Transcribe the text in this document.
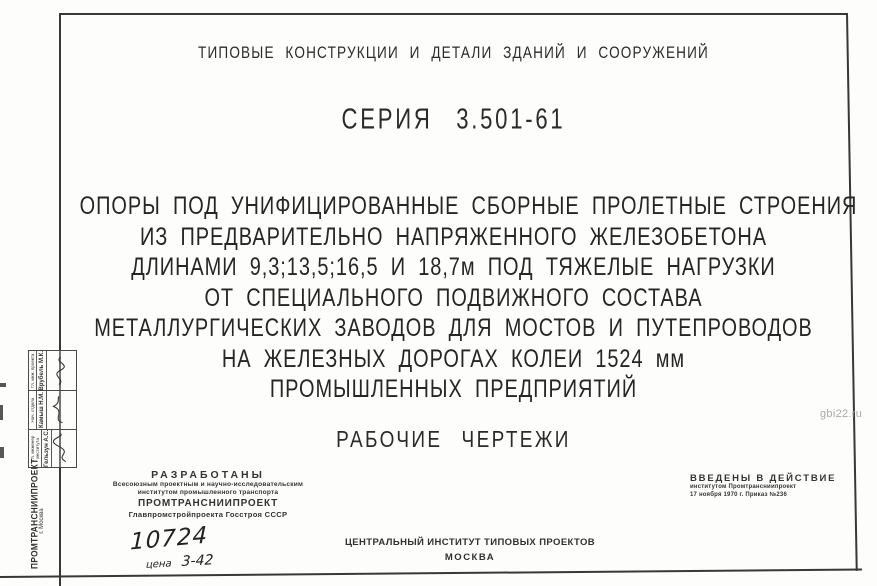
ТИПОВЫЕ КОНСТРУКЦИИ И ДЕТАЛИ ЗДАНИЙ И СООРУЖЕНИЙ
СЕРИЯ 3.501-61
ОПОРЫ ПОД УНИФИЦИРОВАННЫЕ СБОРНЫЕ ПРОЛЕТНЫЕ СТРОЕНИЯ
ИЗ ПРЕДВАРИТЕЛЬНО НАПРЯЖЕННОГО ЖЕЛЕЗОБЕТОНА
ДЛИНАМИ 9,3;13,5;16,5 И 18,7м ПОД ТЯЖЕЛЫЕ НАГРУЗКИ
ОТ СПЕЦИАЛЬНОГО ПОДВИЖНОГО СОСТАВА
МЕТАЛЛУРГИЧЕСКИХ ЗАВОДОВ ДЛЯ МОСТОВ И ПУТЕПРОВОДОВ
НА ЖЕЛЕЗНЫХ ДОРОГАХ КОЛЕИ 1524 мм
ПРОМЫШЛЕННЫХ ПРЕДПРИЯТИЙ
РАБОЧИЕ ЧЕРТЕЖИ
РАЗРАБОТАНЫ
Всесоюзным проектным и научно-исследовательским
институтом промышленного транспорта
ПРОМТРАНСНИИПРОЕКТ
Главпромстройпроекта Госстроя СССР
ВВЕДЕНЫ В ДЕЙСТВИЕ
институтом Промтрансниипроект
17 ноября 1970 г. Приказ №236
10724
цена 3-42
ЦЕНТРАЛЬНЫЙ ИНСТИТУТ ТИПОВЫХ ПРОЕКТОВ
МОСКВА
gbi22.ru
ПРОМТРАНСНИИПРОЕКТ г. Москва
Гл. инженер института Гельзун А.С.
Нач. отдела Камыш Н.М.
Гл. инж. проекта Врубель М.К.
